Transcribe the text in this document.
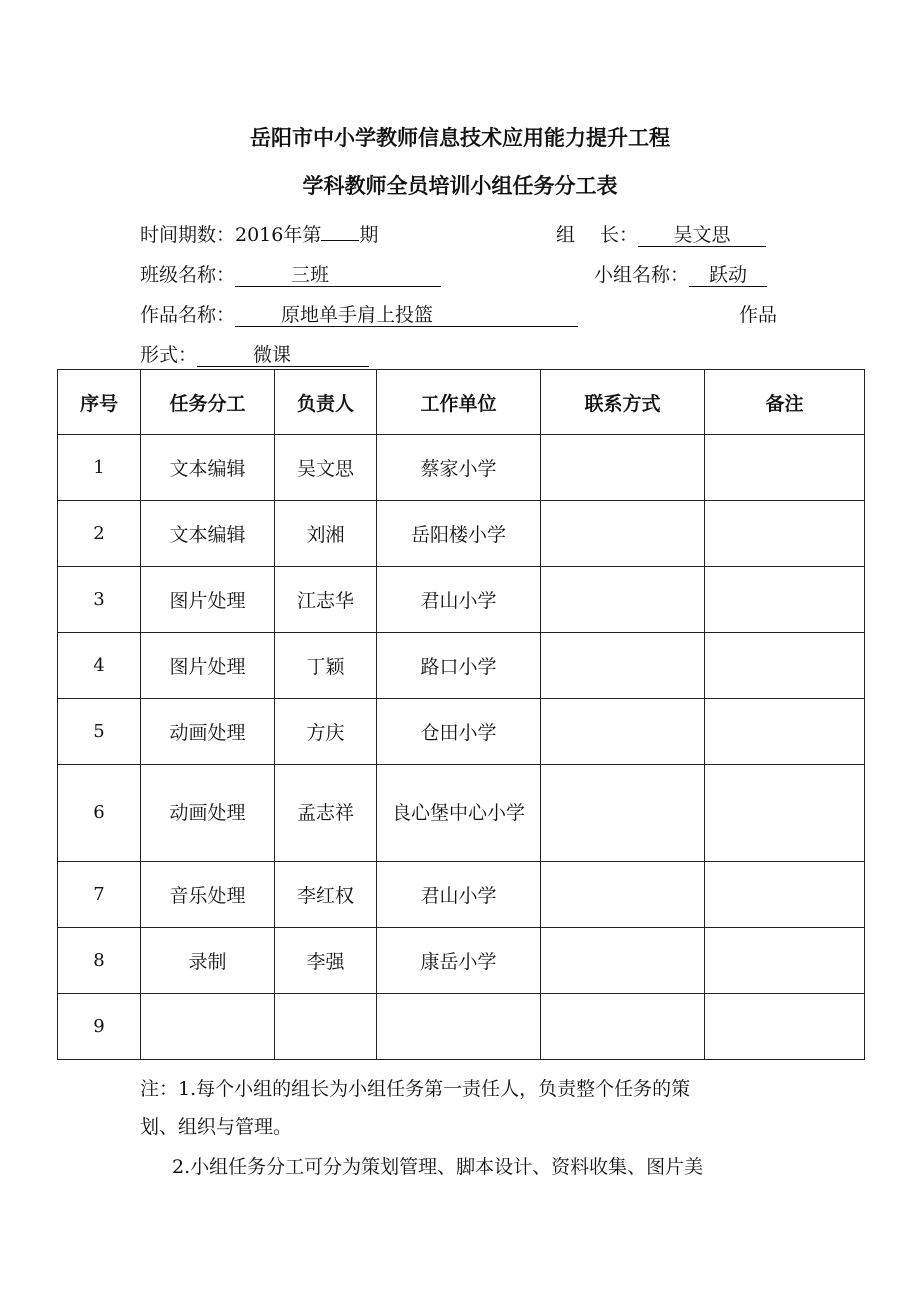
岳阳市中小学教师信息技术应用能力提升工程
学科教师全员培训小组任务分工表
时间期数：2016年第 期	组　 长： 吴文思
班级名称：	三班	小组名称： 跃动
作品名称： 原地单手肩上投篮	作品
形式：	微课
序号	任务分工	负责人	工作单位	联系方式	备注
1	文本编辑	吴文思	蔡家小学		
2	文本编辑	刘湘	岳阳楼小学		
3	图片处理	江志华	君山小学		
4	图片处理	丁颖	路口小学		
5	动画处理	方庆	仓田小学		
6	动画处理	孟志祥	良心堡中心小学		
7	音乐处理	李红权	君山小学		
8	录制	李强	康岳小学		
9					
注：1.每个小组的组长为小组任务第一责任人，负责整个任务的策
划、组织与管理。
2.小组任务分工可分为策划管理、脚本设计、资料收集、图片美
